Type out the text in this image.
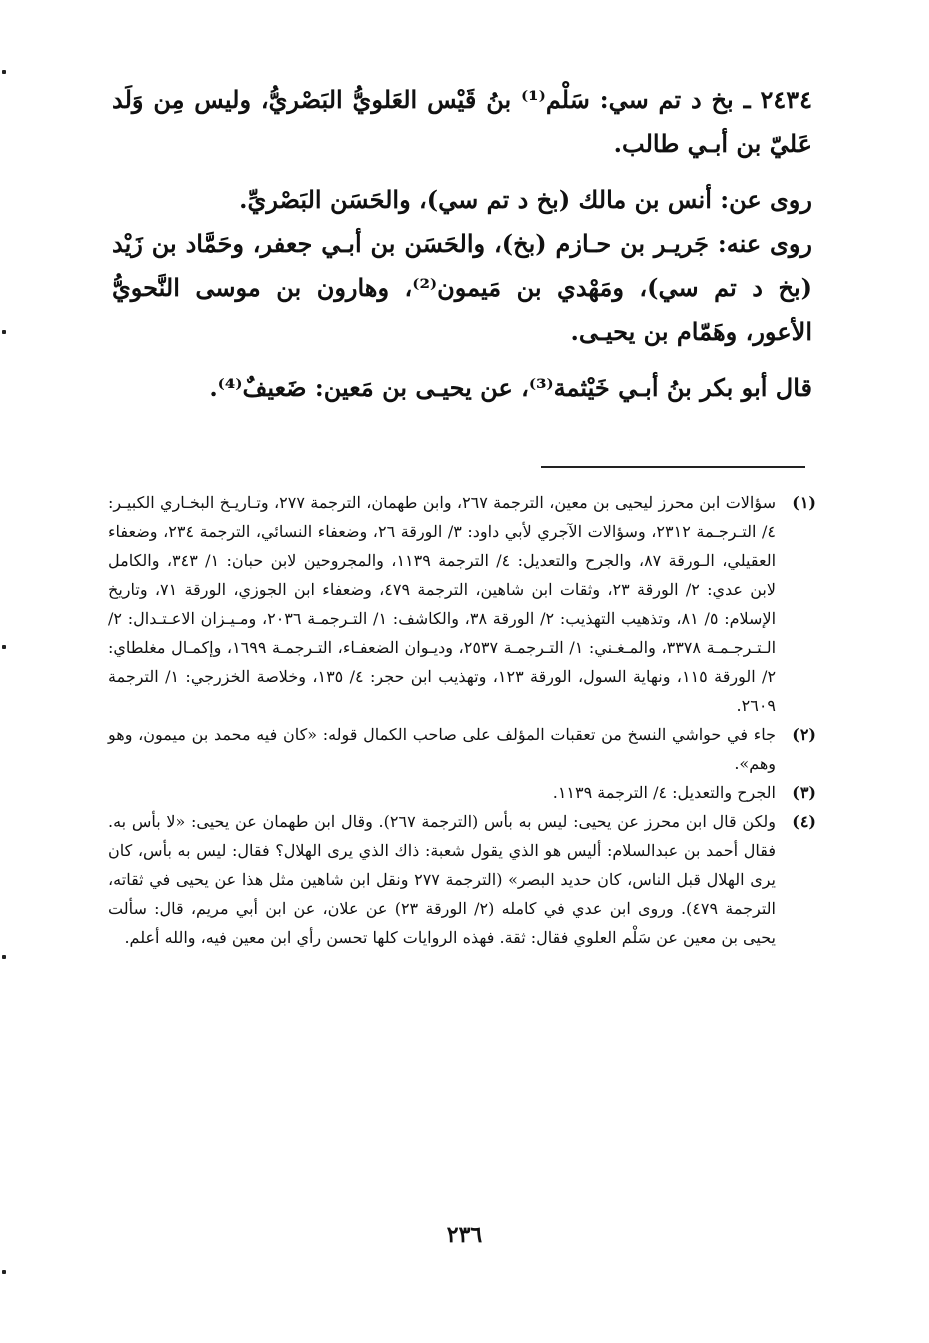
٢٤٣٤ ـ بخ د تم سي: سَلْم⁽¹⁾ بنُ قَيْس العَلويُّ البَصْريُّ، وليس مِن وَلَد عَليّ بن أبـي طالب.

روى عن: أنس بن مالك (بخ د تم سي)، والحَسَن البَصْريِّ.

روى عنه: جَريـر بن حـازم (بخ)، والحَسَن بن أبـي جعفر، وحَمَّاد بن زَيْد (بخ د تم سي)، ومَهْدي بن مَيمون⁽²⁾، وهارون بن موسى النَّحويُّ الأعور، وهَمّام بن يحيـى.

قال أبو بكر بنُ أبـي خَيْثمة⁽³⁾، عن يحيـى بن مَعين: ضَعيفٌ⁽⁴⁾.

(١)
سؤالات ابن محرز ليحيى بن معين، الترجمة ٢٦٧، وابن طهمان، الترجمة ٢٧٧، وتـاريـخ البخـاري الكبيـر: ٤/ التـرجـمة ٢٣١٢، وسؤالات الآجري لأبي داود: ٣/ الورقة ٢٦، وضعفاء النسائي، الترجمة ٢٣٤، وضعفاء العقيلي، الـورقة ٨٧، والجرح والتعديل: ٤/ الترجمة ١١٣٩، والمجروحين لابن حبان: ١/ ٣٤٣، والكامل لابن عدي: ٢/ الورقة ٢٣، وثقات ابن شاهين، الترجمة ٤٧٩، وضعفاء ابن الجوزي، الورقة ٧١، وتاريخ الإسلام: ٥/ ٨١، وتذهيب التهذيب: ٢/ الورقة ٣٨، والكاشف: ١/ التـرجمـة ٢٠٣٦، ومـيـزان الاعـتـدال: ٢/ الـتـرجـمـة ٣٣٧٨، والمـغـني: ١/ التـرجمـة ٢٥٣٧، وديـوان الضعفـاء، التـرجمـة ١٦٩٩، وإكمـال مغلطاي: ٢/ الورقة ١١٥، ونهاية السول، الورقة ١٢٣، وتهذيب ابن حجر: ٤/ ١٣٥، وخلاصة الخزرجي: ١/ الترجمة ٢٦٠٩.
(٢)
جاء في حواشي النسخ من تعقبات المؤلف على صاحب الكمال قوله: «كان فيه محمد بن ميمون، وهو وهم».
(٣)
الجرح والتعديل: ٤/ الترجمة ١١٣٩.
(٤)
ولكن قال ابن محرز عن يحيى: ليس به بأس (الترجمة ٢٦٧). وقال ابن طهمان عن يحيى: «لا بأس به. فقال أحمد بن عبدالسلام: أليس هو الذي يقول شعبة: ذاك الذي يرى الهلال؟ فقال: ليس به بأس، كان يرى الهلال قبل الناس، كان حديد البصر» (الترجمة ٢٧٧ ونقل ابن شاهين مثل هذا عن يحيى في ثقاته، الترجمة ٤٧٩). وروى ابن عدي في كامله (٢/ الورقة ٢٣) عن علان، عن ابن أبي مريم، قال: سألت يحيى بن معين عن سَلْم العلوي فقال: ثقة. فهذه الروايات كلها تحسن رأي ابن معين فيه، والله أعلم.
٢٣٦
